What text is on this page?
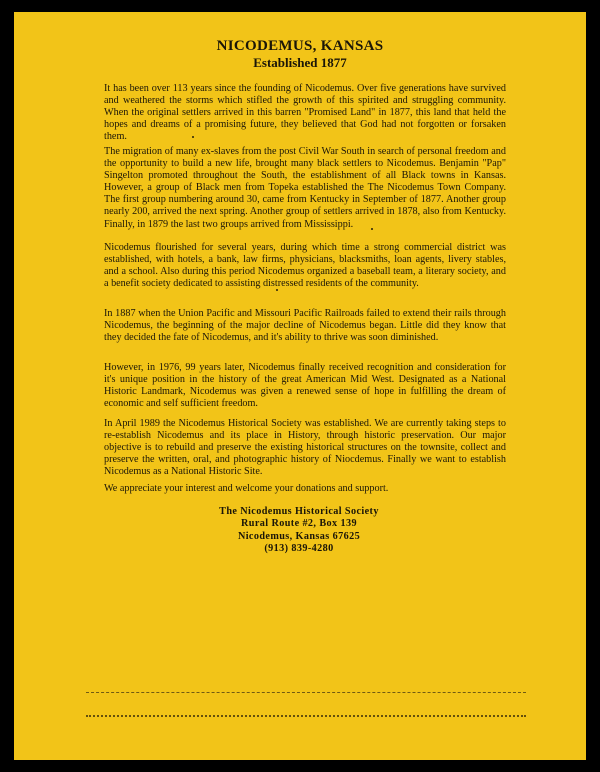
NICODEMUS, KANSAS
Established 1877

It has been over 113 years since the founding of Nicodemus. Over five generations have survived and weathered the storms which stifled the growth of this spirited and struggling community. When the original settlers arrived in this barren "Promised Land" in 1877, this land that held the hopes and dreams of a promising future, they believed that God had not forgotten or forsaken them.

The migration of many ex-slaves from the post Civil War South in search of personal freedom and the opportunity to build a new life, brought many black settlers to Nicodemus. Benjamin "Pap" Singelton promoted throughout the South, the establishment of all Black towns in Kansas. However, a group of Black men from Topeka established the The Nicodemus Town Company. The first group numbering around 30, came from Kentucky in September of 1877. Another group nearly 200, arrived the next spring. Another group of settlers arrived in 1878, also from Kentucky. Finally, in 1879 the last two groups arrived from Mississippi.

Nicodemus flourished for several years, during which time a strong commercial district was established, with hotels, a bank, law firms, physicians, blacksmiths, loan agents, livery stables, and a school. Also during this period Nicodemus organized a baseball team, a literary society, and a benefit society dedicated to assisting distressed residents of the community.

In 1887 when the Union Pacific and Missouri Pacific Railroads failed to extend their rails through Nicodemus, the beginning of the major decline of Nicodemus began. Little did they know that they decided the fate of Nicodemus, and it's ability to thrive was soon diminished.

However, in 1976, 99 years later, Nicodemus finally received recognition and consideration for it's unique position in the history of the great American Mid West. Designated as a National Historic Landmark, Nicodemus was given a renewed sense of hope in fulfilling the dream of economic and self sufficient freedom.

In April 1989 the Nicodemus Historical Society was established. We are currently taking steps to re-establish Nicodemus and its place in History, through historic preservation. Our major objective is to rebuild and preserve the existing historical structures on the townsite, collect and preserve the written, oral, and photographic history of Niocdemus. Finally we want to establish Nicodemus as a National Historic Site.

We appreciate your interest and welcome your donations and support.

The Nicodemus Historical Society
Rural Route #2, Box 139
Nicodemus, Kansas 67625
(913) 839-4280
